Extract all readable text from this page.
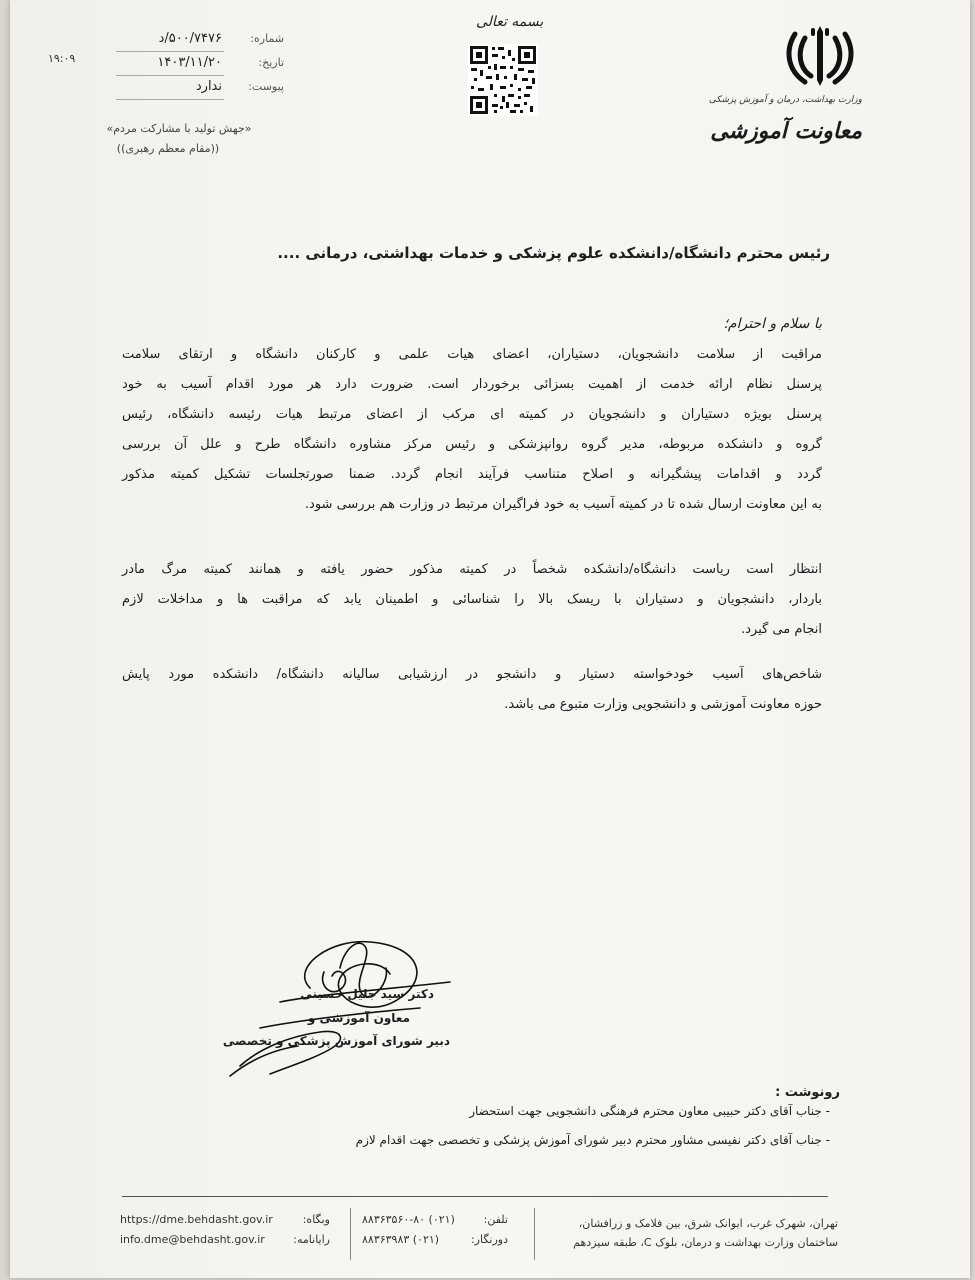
شماره:
۵۰۰/۷۴۷۶/د
تاریخ:
۱۴۰۳/۱۱/۲۰
پیوست:
ندارد
۱۹:۰۹
«جهش تولید با مشارکت مردم»
((مقام معظم رهبری))
بسمه تعالی
وزارت بهداشت، درمان و آموزش پزشکی
معاونت آموزشی
رئیس محترم دانشگاه/دانشکده علوم پزشکی و خدمات بهداشتی، درمانی ....
با سلام و احترام؛
مراقبت از سلامت دانشجویان، دستیاران، اعضای هیات علمی و کارکنان دانشگاه و ارتقای سلامت
پرسنل نظام ارائه خدمت از اهمیت بسزائی برخوردار است. ضرورت دارد هر مورد اقدام آسیب به خود
پرسنل بویژه دستیاران و دانشجویان در کمیته ای مرکب از اعضای مرتبط هیات رئیسه دانشگاه، رئیس
گروه و دانشکده مربوطه، مدیر گروه روانپزشکی و رئیس مرکز مشاوره دانشگاه طرح و علل آن بررسی
گردد و اقدامات پیشگیرانه و اصلاح متناسب فرآیند انجام گردد. ضمنا صورتجلسات تشکیل کمیته مذکور
به این معاونت ارسال شده تا در کمیته آسیب به خود فراگیران مرتبط در وزارت هم بررسی شود.
انتظار است ریاست دانشگاه/دانشکده شخصاً در کمیته مذکور حضور یافته و همانند کمیته مرگ مادر
باردار، دانشجویان و دستیاران با ریسک بالا را شناسائی و اطمینان یابد که مراقبت ها و مداخلات لازم
انجام می گیرد.
شاخص‌های آسیب خودخواسته دستیار و دانشجو در ارزشیابی سالیانه دانشگاه/ دانشکده مورد پایش
حوزه معاونت آموزشی و دانشجویی وزارت متبوع می باشد.
دکتر سید جلیل حسینی
معاون آموزشی و
دبیر شورای آموزش پزشکی و تخصصی
رونوشت :
- جناب آقای دکتر حبیبی معاون محترم فرهنگی دانشجویی جهت استحضار
- جناب آقای دکتر نفیسی مشاور محترم دبیر شورای آموزش پزشکی و تخصصی جهت اقدام لازم
تهران، شهرک غرب، ایوانک شرق، بین فلامک و زرافشان،
ساختمان وزارت بهداشت و درمان، بلوک C، طبقه سیزدهم
تلفن:
۸۸۳۶۳۵۶۰-۸۰ (۰۲۱)
دورنگار:
۸۸۳۶۳۹۸۳ (۰۲۱)
وبگاه:
https://dme.behdasht.gov.ir
رایانامه:
info.dme@behdasht.gov.ir
